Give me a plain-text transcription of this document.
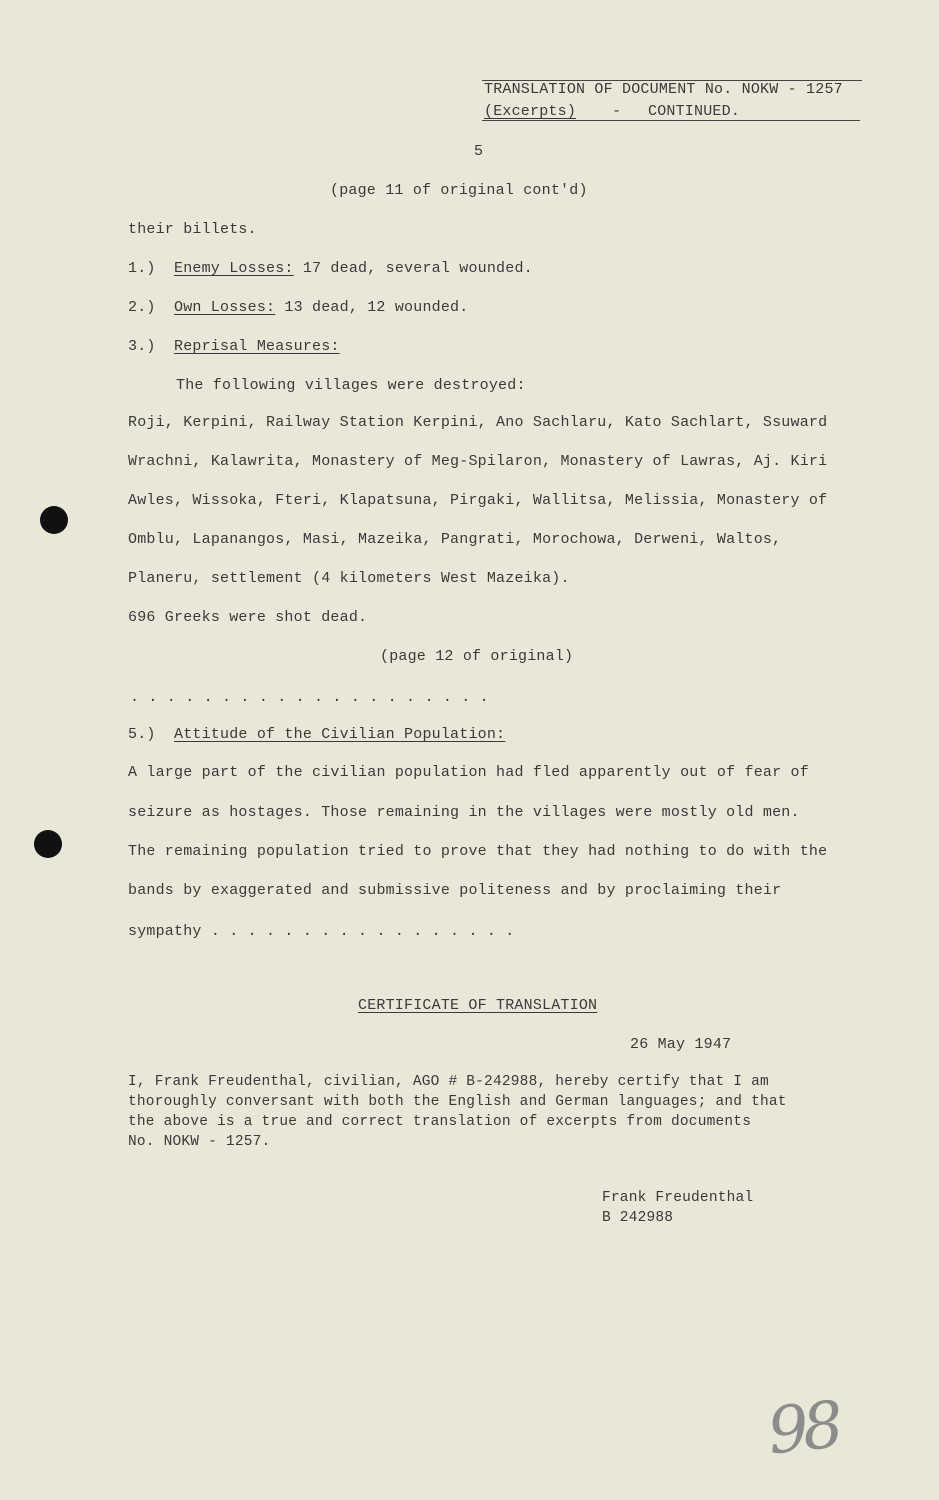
TRANSLATION OF DOCUMENT No. NOKW - 1257
(Excerpts) - CONTINUED.
5
(page 11 of original cont'd)
their billets.
1.) Enemy Losses: 17 dead, several wounded.
2.) Own Losses: 13 dead, 12 wounded.
3.) Reprisal Measures:
The following villages were destroyed:
Roji, Kerpini, Railway Station Kerpini, Ano Sachlaru, Kato Sachlart, Ssuward
Wrachni, Kalawrita, Monastery of Meg-Spilaron, Monastery of Lawras, Aj. Kiri
Awles, Wissoka, Fteri, Klapatsuna, Pirgaki, Wallitsa, Melissia, Monastery of
Omblu, Lapanangos, Masi, Mazeika, Pangrati, Morochowa, Derweni, Waltos,
Planeru, settlement (4 kilometers West Mazeika).
696 Greeks were shot dead.
(page 12 of original)
. . . . . . . . . . . . . . . . . . . .
5.) Attitude of the Civilian Population:
A large part of the civilian population had fled apparently out of fear of
seizure as hostages. Those remaining in the villages were mostly old men.
The remaining population tried to prove that they had nothing to do with the
bands by exaggerated and submissive politeness and by proclaiming their
sympathy . . . . . . . . . . . . . . . . .
CERTIFICATE OF TRANSLATION
26 May 1947
I, Frank Freudenthal, civilian, AGO # B-242988, hereby certify that I am
thoroughly conversant with both the English and German languages; and that
the above is a true and correct translation of excerpts from documents
No. NOKW - 1257.
Frank Freudenthal
B 242988
98
